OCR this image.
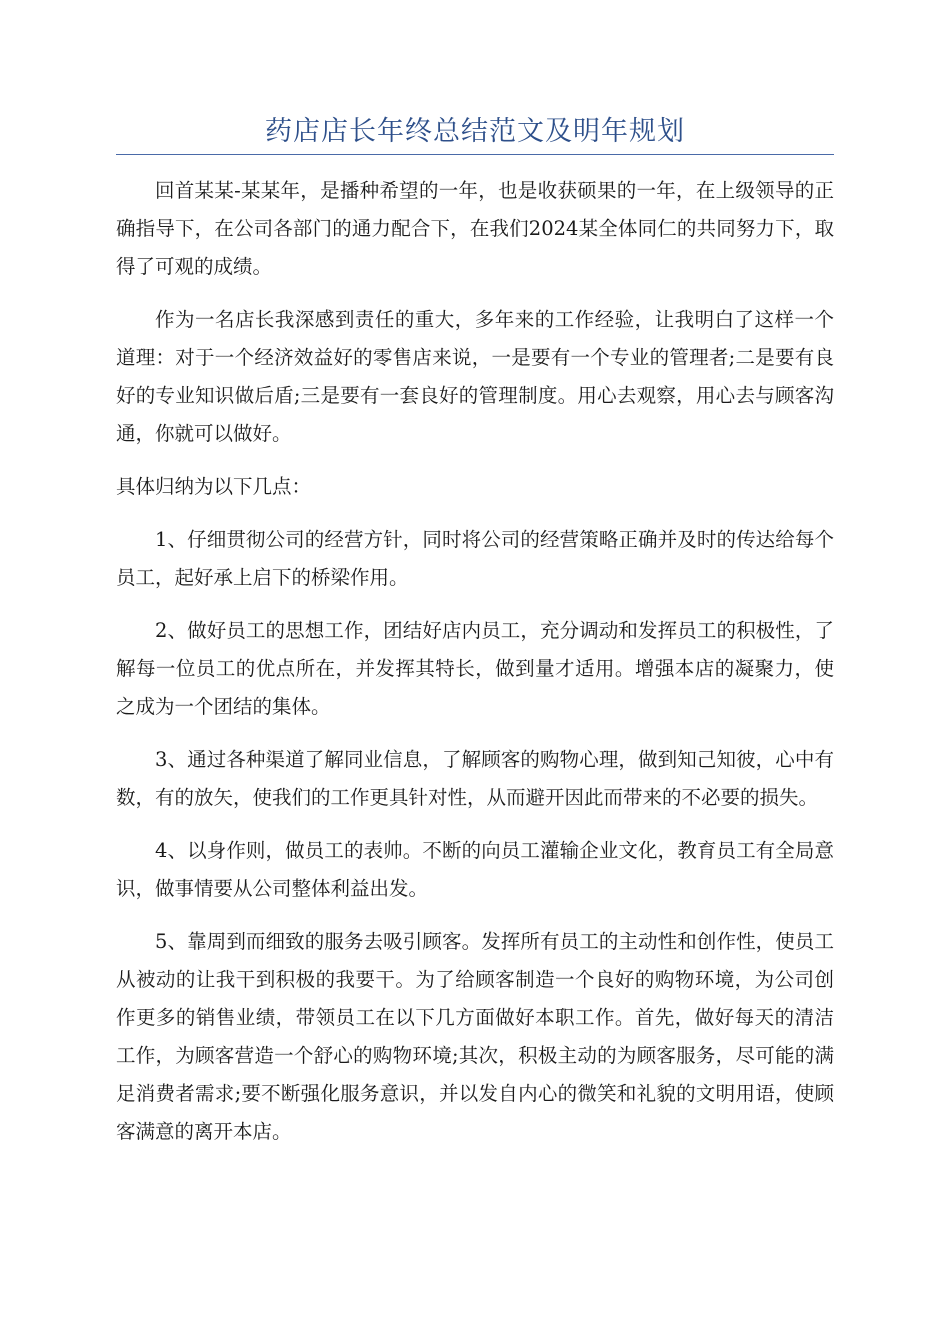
药店店长年终总结范文及明年规划

回首某某-某某年，是播种希望的一年，也是收获硕果的一年，在上级领导的正确指导下，在公司各部门的通力配合下，在我们2024某全体同仁的共同努力下，取得了可观的成绩。

作为一名店长我深感到责任的重大，多年来的工作经验，让我明白了这样一个道理：对于一个经济效益好的零售店来说，一是要有一个专业的管理者;二是要有良好的专业知识做后盾;三是要有一套良好的管理制度。用心去观察，用心去与顾客沟通，你就可以做好。

具体归纳为以下几点：

1、仔细贯彻公司的经营方针，同时将公司的经营策略正确并及时的传达给每个员工，起好承上启下的桥梁作用。

2、做好员工的思想工作，团结好店内员工，充分调动和发挥员工的积极性，了解每一位员工的优点所在，并发挥其特长，做到量才适用。增强本店的凝聚力，使之成为一个团结的集体。

3、通过各种渠道了解同业信息，了解顾客的购物心理，做到知己知彼，心中有数，有的放矢，使我们的工作更具针对性，从而避开因此而带来的不必要的损失。

4、以身作则，做员工的表帅。不断的向员工灌输企业文化，教育员工有全局意识，做事情要从公司整体利益出发。

5、靠周到而细致的服务去吸引顾客。发挥所有员工的主动性和创作性，使员工从被动的让我干到积极的我要干。为了给顾客制造一个良好的购物环境，为公司创作更多的销售业绩，带领员工在以下几方面做好本职工作。首先，做好每天的清洁工作，为顾客营造一个舒心的购物环境;其次，积极主动的为顾客服务，尽可能的满足消费者需求;要不断强化服务意识，并以发自内心的微笑和礼貌的文明用语，使顾客满意的离开本店。
